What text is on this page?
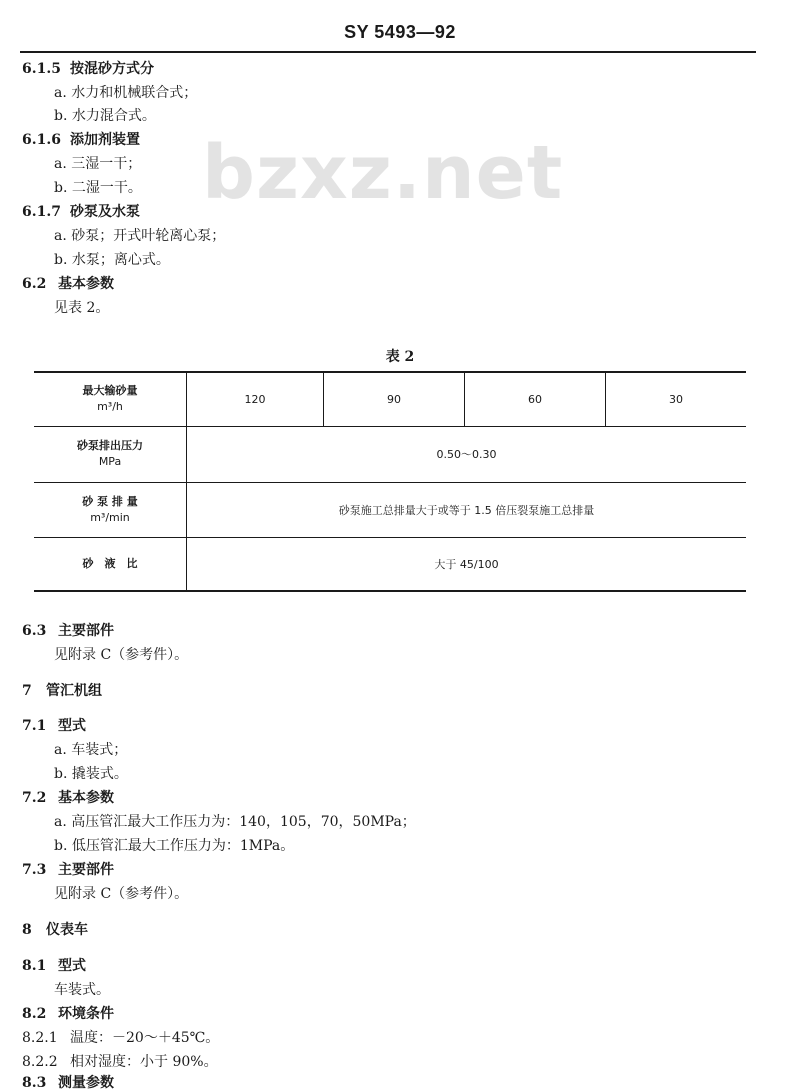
SY 5493—92
bzxz.net
6.1.5 按混砂方式分
a. 水力和机械联合式；
b. 水力混合式。
6.1.6 添加剂装置
a. 三湿一干；
b. 二湿一干。
6.1.7 砂泵及水泵
a. 砂泵；开式叶轮离心泵；
b. 水泵；离心式。
6.2 基本参数
见表 2。
表 2
最大输砂量
m³/h	120	90	60	30

砂泵排出压力
MPa	0.50～0.30			

砂 泵 排 量
m³/min	砂泵施工总排量大于或等于 1.5 倍压裂泵施工总排量			

砂　液　比	大于 45/100			
6.3 主要部件
见附录 C（参考件）。
7 管汇机组
7.1 型式
a. 车装式；
b. 撬装式。
7.2 基本参数
a. 高压管汇最大工作压力为：140，105，70，50MPa；
b. 低压管汇最大工作压力为：1MPa。
7.3 主要部件
见附录 C（参考件）。
8 仪表车
8.1 型式
车装式。
8.2 环境条件
8.2.1 温度：－20～＋45℃。
8.2.2 相对湿度：小于 90%。
8.3 测量参数
